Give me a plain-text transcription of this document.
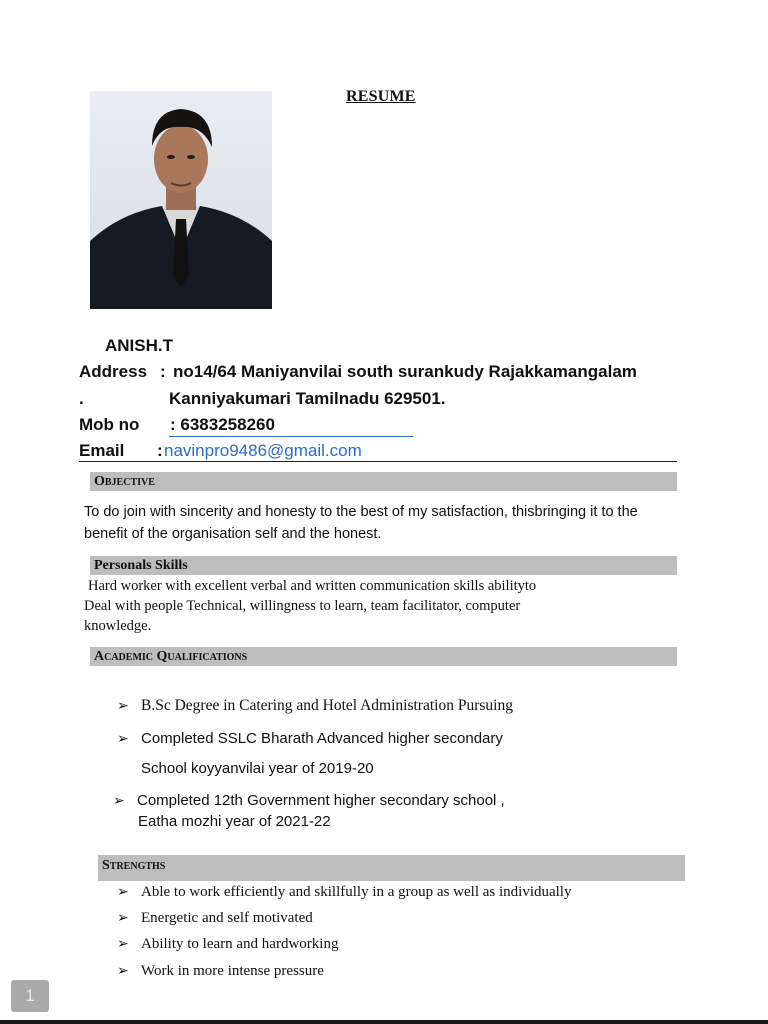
RESUME
ANISH.T
Address : no14/64 Maniyanvilai south surankudy Rajakkamangalam
.	Kanniyakumari Tamilnadu 629501.
Mob no : 6383258260
Email : navinpro9486@gmail.com
Objective
To do join with sincerity and honesty to the best of my satisfaction, thisbringing it to the benefit of the organisation self and the honest.
Personals Skills
Hard worker with excellent verbal and written communication skills abilityto
Deal with people Technical, willingness to learn, team facilitator, computer
knowledge.
Academic Qualifications
➢ B.Sc Degree in Catering and Hotel Administration Pursuing
➢ Completed SSLC Bharath Advanced higher secondary
School koyyanvilai year of 2019-20
➢ Completed 12th Government higher secondary school ,
Eatha mozhi year of 2021-22
Strengths
➢ Able to work efficiently and skillfully in a group as well as individually
➢ Energetic and self motivated
➢ Ability to learn and hardworking
➢ Work in more intense pressure
1
